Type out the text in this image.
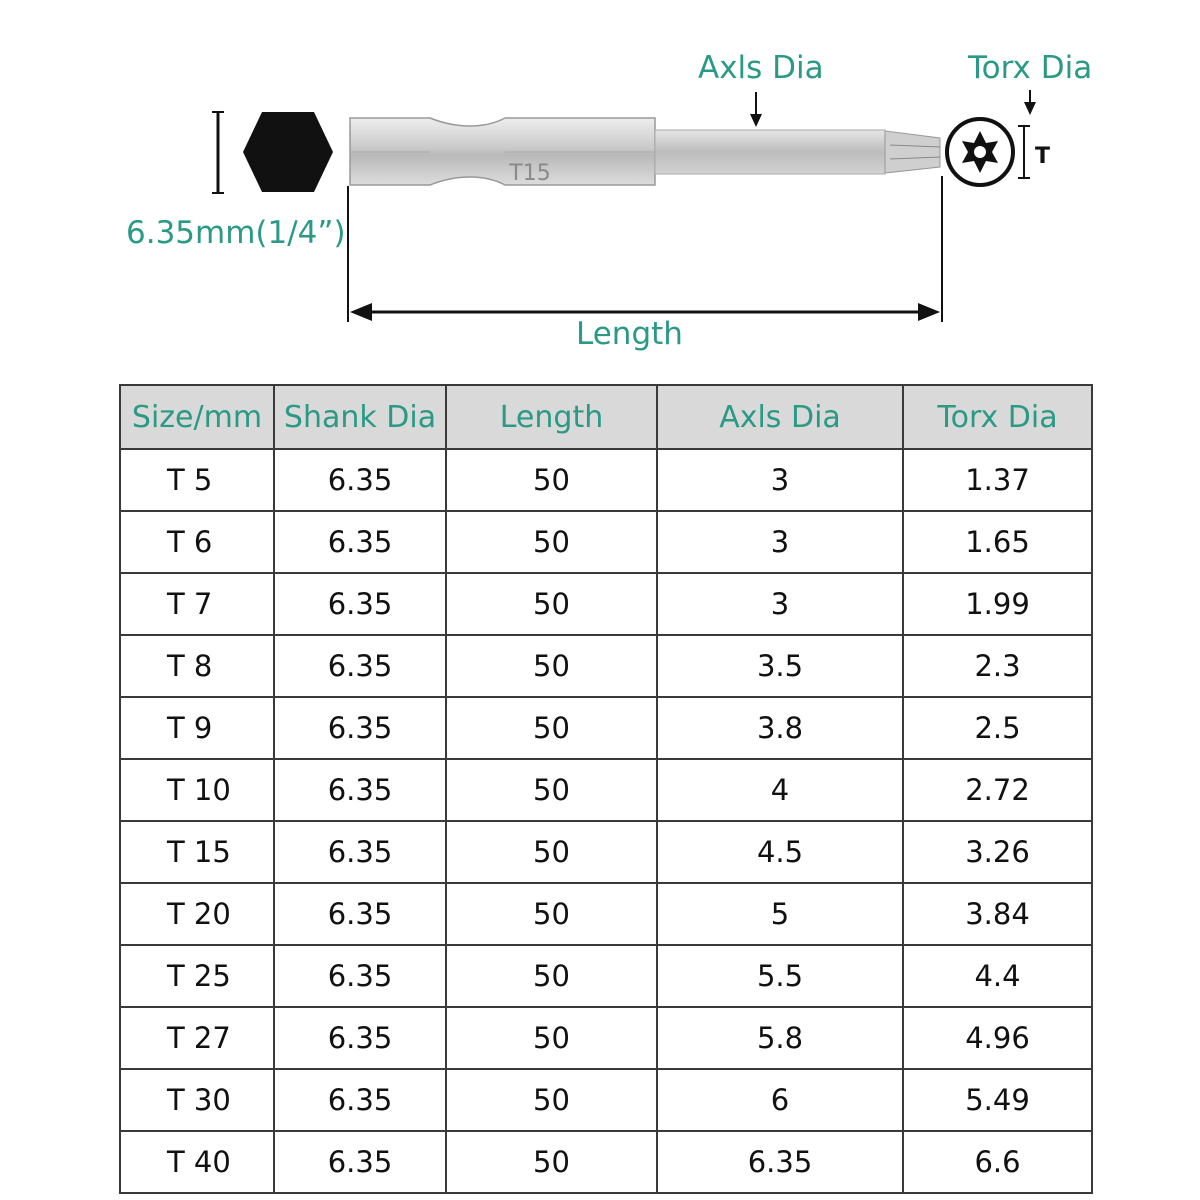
T15
T
Axls Dia	Torx Dia
6.35mm(1/4”)
Length
Size/mm	Shank Dia	Length	Axls Dia	Torx Dia
T 5	6.35	50	3	1.37
T 6	6.35	50	3	1.65
T 7	6.35	50	3	1.99
T 8	6.35	50	3.5	2.3
T 9	6.35	50	3.8	2.5
T 10	6.35	50	4	2.72
T 15	6.35	50	4.5	3.26
T 20	6.35	50	5	3.84
T 25	6.35	50	5.5	4.4
T 27	6.35	50	5.8	4.96
T 30	6.35	50	6	5.49
T 40	6.35	50	6.35	6.6
